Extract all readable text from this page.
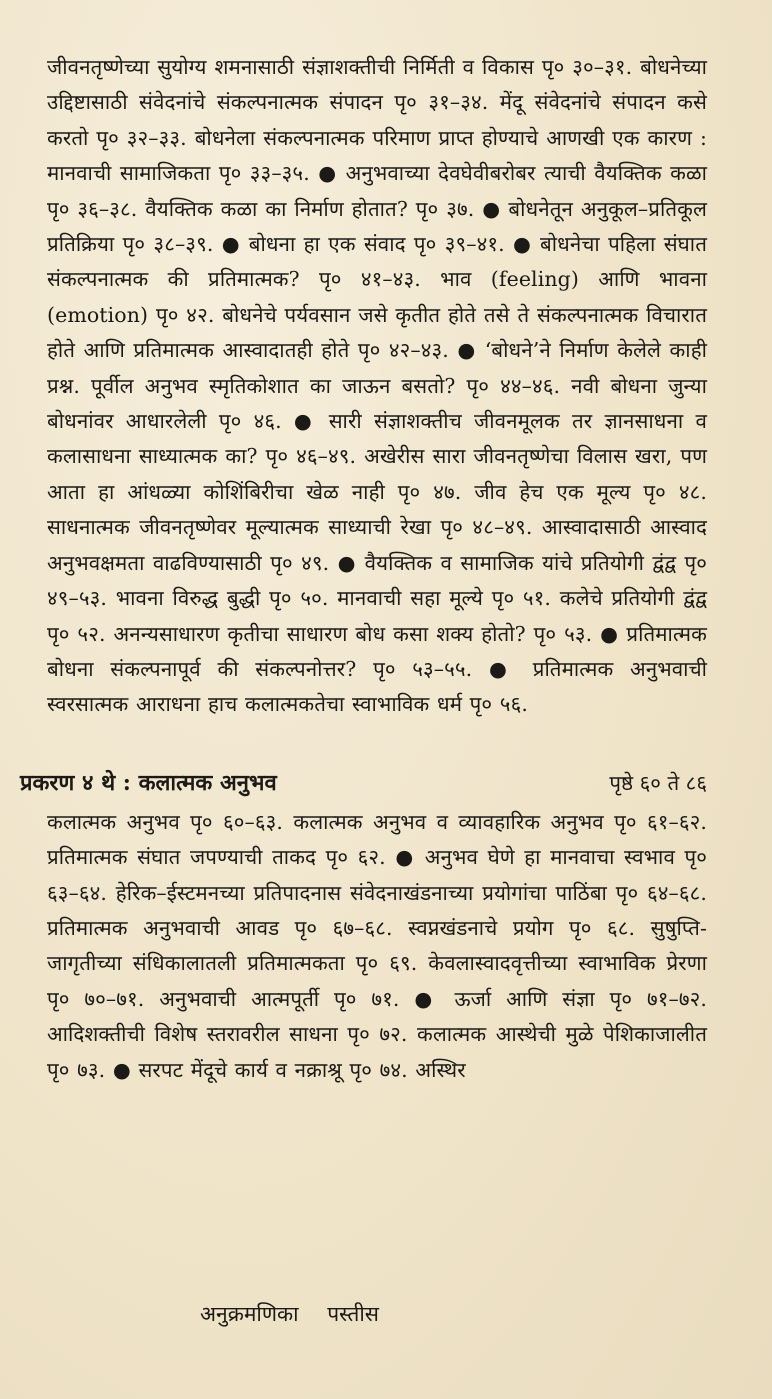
जीवनतृष्णेच्या सुयोग्य शमनासाठी संज्ञाशक्तीची निर्मिती व विकास पृ० ३०–३१. बोधनेच्या उद्दिष्टासाठी संवेदनांचे संकल्पनात्मक संपादन पृ० ३१–३४. मेंदू संवेदनांचे संपादन कसे करतो पृ० ३२–३३. बोधनेला संकल्पनात्मक परिमाण प्राप्त होण्याचे आणखी एक कारण : मानवाची सामाजिकता पृ० ३३–३५. ● अनुभवाच्या देवघेवीबरोबर त्याची वैयक्तिक कळा पृ० ३६–३८. वैयक्तिक कळा का निर्माण होतात? पृ० ३७. ● बोधनेतून अनुकूल–प्रतिकूल प्रतिक्रिया पृ० ३८–३९. ● बोधना हा एक संवाद पृ० ३९–४१. ● बोधनेचा पहिला संघात संकल्पनात्मक की प्रतिमात्मक? पृ० ४१–४३. भाव (feeling) आणि भावना (emotion) पृ० ४२. बोधनेचे पर्यवसान जसे कृतीत होते तसे ते संकल्पनात्मक विचारात होते आणि प्रतिमात्मक आस्वादातही होते पृ० ४२–४३. ● ‘बोधने’ने निर्माण केलेले काही प्रश्न. पूर्वील अनुभव स्मृतिकोशात का जाऊन बसतो? पृ० ४४–४६. नवी बोधना जुन्या बोधनांवर आधारलेली पृ० ४६. ● सारी संज्ञाशक्तीच जीवनमूलक तर ज्ञानसाधना व कलासाधना साध्यात्मक का? पृ० ४६–४९. अखेरीस सारा जीवनतृष्णेचा विलास खरा, पण आता हा आंधळ्या कोशिंबिरीचा खेळ नाही पृ० ४७. जीव हेच एक मूल्य पृ० ४८. साधनात्मक जीवनतृष्णेवर मूल्यात्मक साध्याची रेखा पृ० ४८–४९. आस्वादासाठी आस्वाद अनुभवक्षमता वाढविण्यासाठी पृ० ४९. ● वैयक्तिक व सामाजिक यांचे प्रतियोगी द्वंद्व पृ० ४९–५३. भावना विरुद्ध बुद्धी पृ० ५०. मानवाची सहा मूल्ये पृ० ५१. कलेचे प्रतियोगी द्वंद्व पृ० ५२. अनन्यसाधारण कृतीचा साधारण बोध कसा शक्य होतो? पृ० ५३. ● प्रतिमात्मक बोधना संकल्पनापूर्व की संकल्पनोत्तर? पृ० ५३–५५. ● प्रतिमात्मक अनुभवाची स्वरसात्मक आराधना हाच कलात्मकतेचा स्वाभाविक धर्म पृ० ५६.

प्रकरण ४ थे : कलात्मक अनुभव	पृष्ठे ६० ते ८६

कलात्मक अनुभव पृ० ६०–६३. कलात्मक अनुभव व व्यावहारिक अनुभव पृ० ६१–६२. प्रतिमात्मक संघात जपण्याची ताकद पृ० ६२. ● अनुभव घेणे हा मानवाचा स्वभाव पृ० ६३–६४. हेरिक–ईस्टमनच्या प्रतिपादनास संवेदनाखंडनाच्या प्रयोगांचा पाठिंबा पृ० ६४–६८. प्रतिमात्मक अनुभवाची आवड पृ० ६७–६८. स्वप्नखंडनाचे प्रयोग पृ० ६८. सुषुप्ति-जागृतीच्या संधिकालातली प्रतिमात्मकता पृ० ६९. केवलास्वादवृत्तीच्या स्वाभाविक प्रेरणा पृ० ७०–७१. अनुभवाची आत्मपूर्ती पृ० ७१. ● ऊर्जा आणि संज्ञा पृ० ७१–७२. आदिशक्तीची विशेष स्तरावरील साधना पृ० ७२. कलात्मक आस्थेची मुळे पेशिकाजालीत पृ० ७३. ● सरपट मेंदूचे कार्य व नक्राश्रू पृ० ७४. अस्थिर

अनुक्रमणिका पस्तीस
